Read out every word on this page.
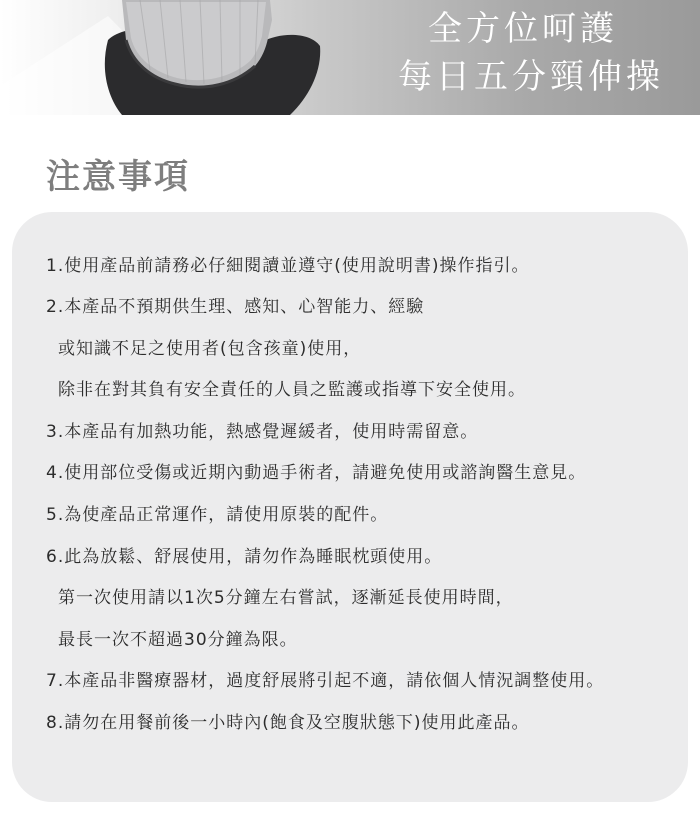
全方位呵護
每日五分頸伸操
注意事項

1.使用產品前請務必仔細閱讀並遵守(使用說明書)操作指引。

2.本產品不預期供生理、感知、心智能力、經驗

或知識不足之使用者(包含孩童)使用，

除非在對其負有安全責任的人員之監護或指導下安全使用。

3.本產品有加熱功能，熱感覺遲緩者，使用時需留意。

4.使用部位受傷或近期內動過手術者，請避免使用或諮詢醫生意見。

5.為使產品正常運作，請使用原裝的配件。

6.此為放鬆、舒展使用，請勿作為睡眠枕頭使用。

第一次使用請以1次5分鐘左右嘗試，逐漸延長使用時間，

最長一次不超過30分鐘為限。

7.本產品非醫療器材，過度舒展將引起不適，請依個人情況調整使用。

8.請勿在用餐前後一小時內(飽食及空腹狀態下)使用此產品。
